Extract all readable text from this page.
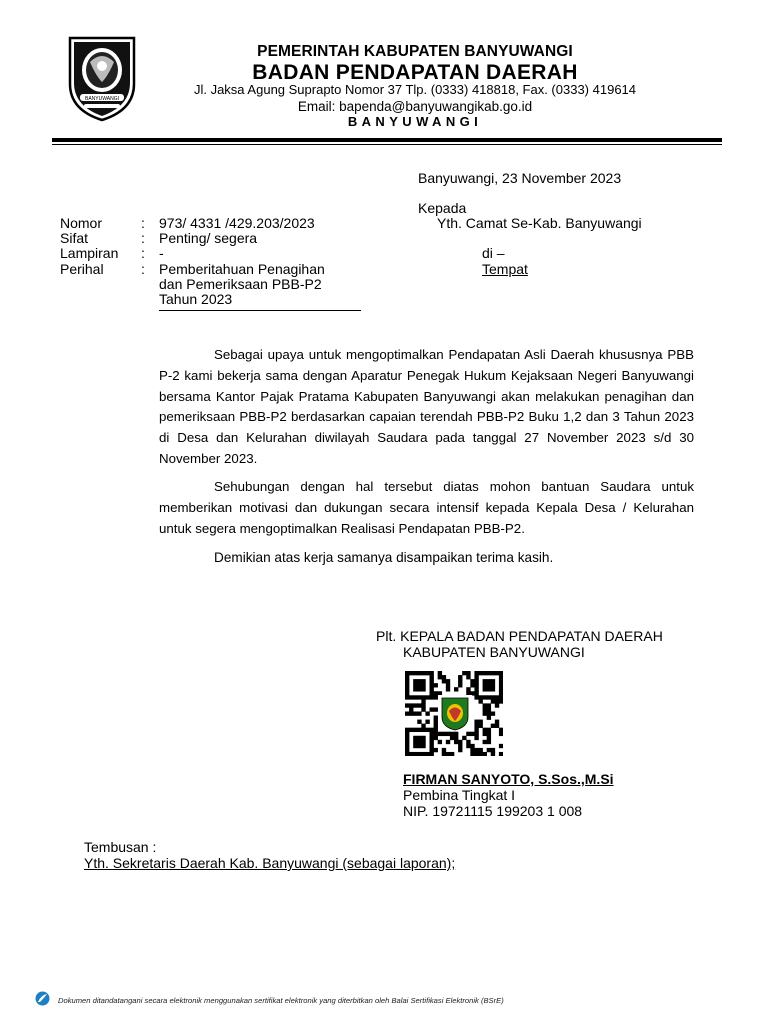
BANYUWANGI
PEMERINTAH KABUPATEN BANYUWANGI
BADAN PENDAPATAN DAERAH
Jl. Jaksa Agung Suprapto Nomor 37 Tlp. (0333) 418818, Fax. (0333) 419614
Email: bapenda@banyuwangikab.go.id
BANYUWANGI
Banyuwangi, 23 November 2023
Kepada
Yth. Camat Se-Kab. Banyuwangi
di –
Tempat
Nomor	: 973/ 4331 /429.203/2023
Sifat	: Penting/ segera
Lampiran : -
Perihal	: Pemberitahuan Penagihan
dan Pemeriksaan PBB-P2
Tahun 2023
Sebagai upaya untuk mengoptimalkan Pendapatan Asli Daerah khususnya PBB P-2 kami bekerja sama dengan Aparatur Penegak Hukum Kejaksaan Negeri Banyuwangi bersama Kantor Pajak Pratama Kabupaten Banyuwangi akan melakukan penagihan dan pemeriksaan PBB-P2 berdasarkan capaian terendah PBB-P2 Buku 1,2 dan 3 Tahun 2023 di Desa dan Kelurahan diwilayah Saudara pada tanggal 27 November 2023 s/d 30 November 2023.
Sehubungan dengan hal tersebut diatas mohon bantuan Saudara untuk memberikan motivasi dan dukungan secara intensif kepada Kepala Desa / Kelurahan untuk segera mengoptimalkan Realisasi Pendapatan PBB-P2.
Demikian atas kerja samanya disampaikan terima kasih.
Plt. KEPALA BADAN PENDAPATAN DAERAH
KABUPATEN BANYUWANGI
FIRMAN SANYOTO, S.Sos.,M.Si
Pembina Tingkat I
NIP. 19721115 199203 1 008
Tembusan :
Yth. Sekretaris Daerah Kab. Banyuwangi (sebagai laporan);
Dokumen ditandatangani secara elektronik menggunakan sertifikat elektronik yang diterbitkan oleh Balai Sertifikasi Elektronik (BSrE)
